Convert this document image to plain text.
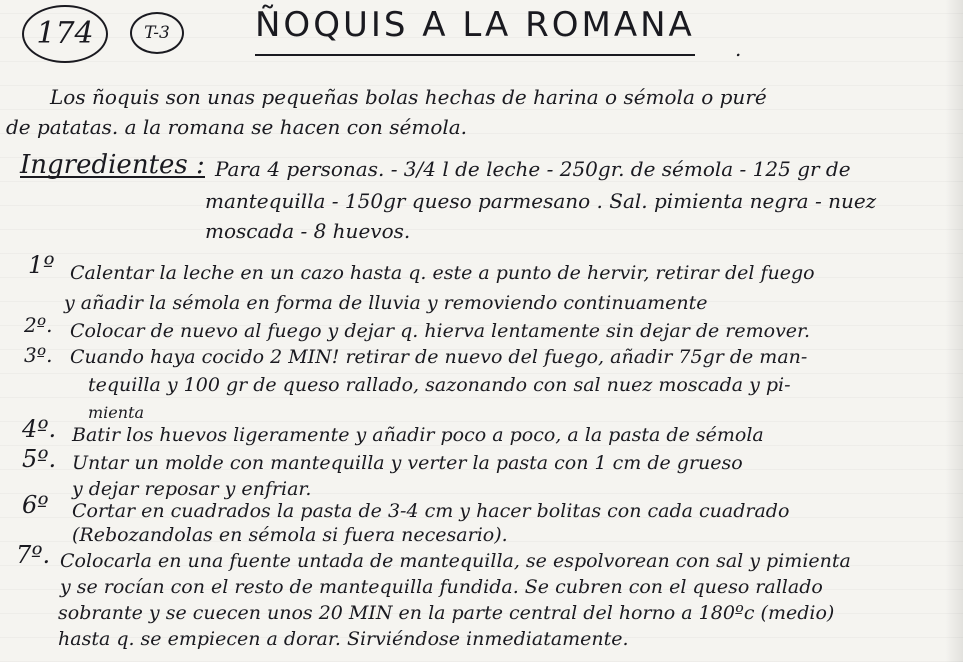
174	T-3	ÑOQUIS A LA ROMANA
.
Los ñoquis son unas pequeñas bolas hechas de harina o sémola o puré
de patatas. a la romana se hacen con sémola.
Ingredientes : Para 4 personas. - 3/4 l de leche - 250gr. de sémola - 125 gr de
mantequilla - 150gr queso parmesano . Sal. pimienta negra - nuez
moscada - 8 huevos.
1º Calentar la leche en un cazo hasta q. este a punto de hervir, retirar del fuego
y añadir la sémola en forma de lluvia y removiendo continuamente
2º. Colocar de nuevo al fuego y dejar q. hierva lentamente sin dejar de remover.
3º. Cuando haya cocido 2 MIN! retirar de nuevo del fuego, añadir 75gr de man-
tequilla y 100 gr de queso rallado, sazonando con sal nuez moscada y pi-
mienta
4º. Batir los huevos ligeramente y añadir poco a poco, a la pasta de sémola
5º. Untar un molde con mantequilla y verter la pasta con 1 cm de grueso
y dejar reposar y enfriar.
6º Cortar en cuadrados la pasta de 3-4 cm y hacer bolitas con cada cuadrado
(Rebozandolas en sémola si fuera necesario).
7º. Colocarla en una fuente untada de mantequilla, se espolvorean con sal y pimienta
y se rocían con el resto de mantequilla fundida. Se cubren con el queso rallado
sobrante y se cuecen unos 20 MIN en la parte central del horno a 180ºc (medio)
hasta q. se empiecen a dorar. Sirviéndose inmediatamente.
